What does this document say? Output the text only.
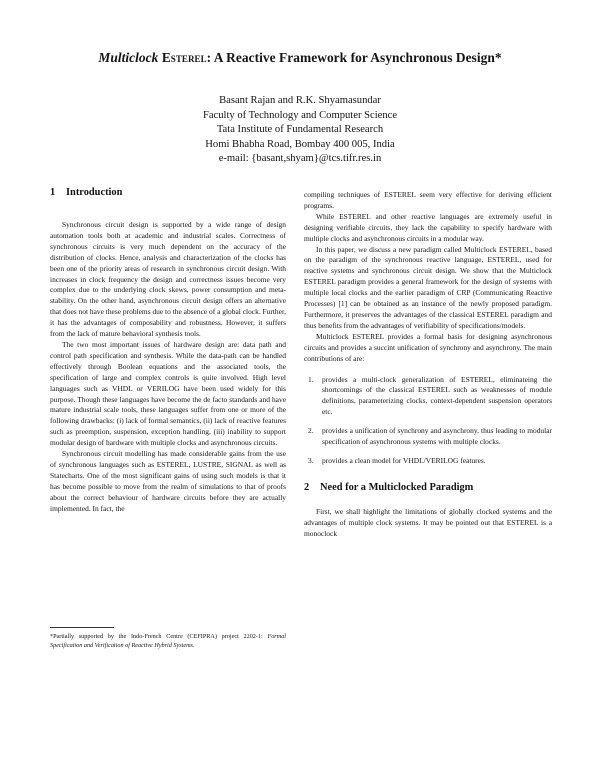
Multiclock Esterel: A Reactive Framework for Asynchronous Design*
Basant Rajan and R.K. Shyamasundar
Faculty of Technology and Computer Science
Tata Institute of Fundamental Research
Homi Bhabha Road, Bombay 400 005, India
e-mail: {basant,shyam}@tcs.tifr.res.in
1 Introduction

Synchronous circuit design is supported by a wide range of design automation tools both at academic and industrial scales. Correctness of synchronous circuits is very much dependent on the accuracy of the distribution of clocks. Hence, analysis and characterization of the clocks has been one of the priority areas of research in synchronous circuit design. With increases in clock frequency the design and correctness issues become very complex due to the underlying clock skews, power consumption and meta-stability. On the other hand, asynchronous circuit design offers an alternative that does not have these problems due to the absence of a global clock. Further, it has the advantages of composability and robustness. However, it suffers from the lack of mature behavioral synthesis tools.

The two most important issues of hardware design are: data path and control path specification and synthesis. While the data-path can be handled effectively through Boolean equations and the associated tools, the specification of large and complex controls is quite involved. High level languages such as VHDL or VERILOG have been used widely for this purpose. Though these languages have become the de facto standards and have mature industrial scale tools, these languages suffer from one or more of the following drawbacks: (i) lack of formal semantics, (ii) lack of reactive features such as preemption, suspension, exception handling, (iii) inability to support modular design of hardware with multiple clocks and asynchronous circuits.

Synchronous circuit modelling has made considerable gains from the use of synchronous languages such as ESTEREL, LUSTRE, SIGNAL as well as Statecharts. One of the most significant gains of using such models is that it has become possible to move from the realm of simulations to that of proofs about the correct behaviour of hardware circuits before they are actually implemented. In fact, the

*Partially supported by the Indo-French Centre (CEFIPRA) project 2202-1: Formal Specification and Verification of Reactive Hybrid Systems.

compiling techniques of ESTEREL seem very effective for deriving efficient programs.

While ESTEREL and other reactive languages are extremely useful in designing verifiable circuits, they lack the capability to specify hardware with multiple clocks and asynchronous circuits in a modular way.

In this paper, we discuss a new paradigm called Multiclock ESTEREL, based on the paradigm of the synchronous reactive language, ESTEREL, used for reactive systems and synchronous circuit design. We show that the Multiclock ESTEREL paradigm provides a general framework for the design of systems with multiple local clocks and the earlier paradigm of CRP (Communicating Reactive Processes) [1] can be obtained as an instance of the newly proposed paradigm. Furthermore, it preserves the advantages of the classical ESTEREL paradigm and thus benefits from the advantages of verifiability of specifications/models.

Multiclock ESTEREL provides a formal basis for designing asynchronous circuits and provides a succint unification of synchrony and asynchrony. The main contributions of are:

1.	provides a multi-clock generalization of ESTEREL, eliminateing the shortcomings of the classical ESTEREL such as weaknesses of module definitions, parameterizing clocks, context-dependent suspension operators etc.
2.	provides a unification of synchrony and asynchrony, thus leading to modular specification of asynchronous systems with multiple clocks.
3.	provides a clean model for VHDL/VERILOG features.
2 Need for a Multiclocked Paradigm

First, we shall highlight the limitations of globally clocked systems and the advantages of multiple clock systems. It may be pointed out that ESTEREL is a monoclock
